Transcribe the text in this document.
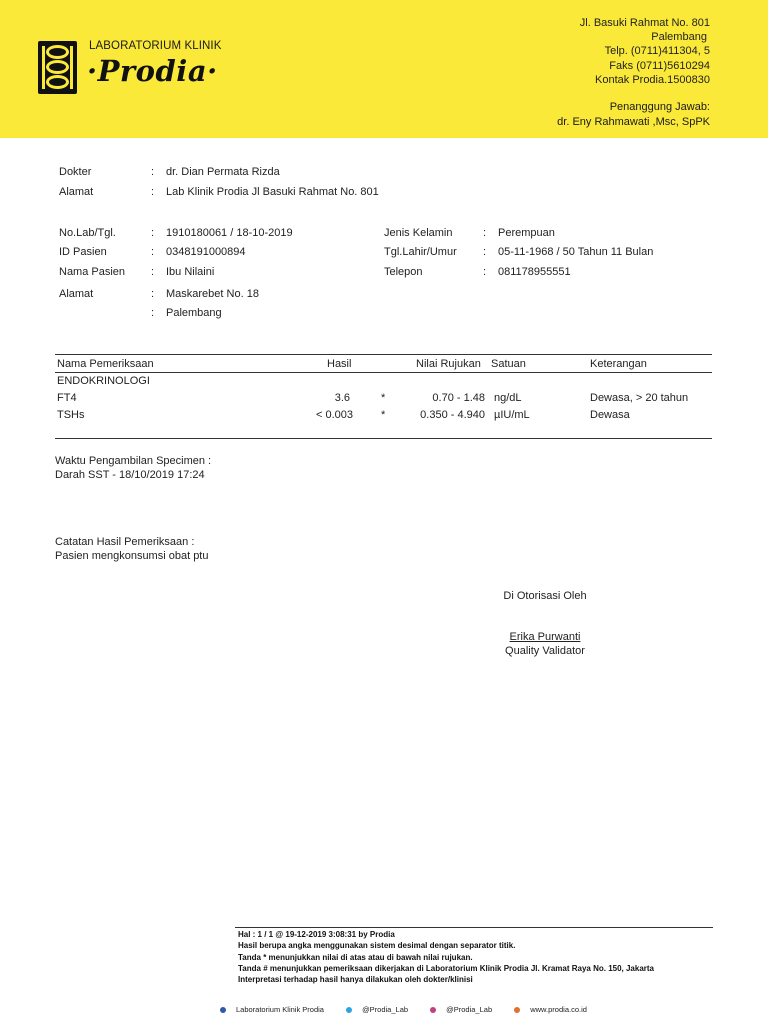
LABORATORIUM KLINIK
·Prodia·
Jl. Basuki Rahmat No. 801
Palembang
Telp. (0711)411304, 5
Faks (0711)5610294
Kontak Prodia.1500830
Penanggung Jawab:
dr. Eny Rahmawati ,Msc, SpPK
Dokter	: dr. Dian Permata Rizda
Alamat	: Lab Klinik Prodia Jl Basuki Rahmat No. 801
No.Lab/Tgl.	: 1910180061 / 18-10-2019
ID Pasien	: 0348191000894
Nama Pasien : Ibu Nilaini
Alamat	: Maskarebet No. 18
: Palembang
Jenis Kelamin	: Perempuan
Tgl.Lahir/Umur : 05-11-1968 / 50 Tahun 11 Bulan
Telepon	: 081178955551
Nama Pemeriksaan	Hasil	Nilai Rujukan Satuan	Keterangan
ENDOKRINOLOGI
FT4	3.6	*	0.70 - 1.48 ng/dL	Dewasa, > 20 tahun
TSHs	< 0.003	*	0.350 - 4.940 µIU/mL	Dewasa
Waktu Pengambilan Specimen :
Darah SST - 18/10/2019 17:24
Catatan Hasil Pemeriksaan :
Pasien mengkonsumsi obat ptu
Di Otorisasi Oleh
Erika Purwanti
Quality Validator
Hal : 1 / 1 @ 19-12-2019 3:08:31 by Prodia
Hasil berupa angka menggunakan sistem desimal dengan separator titik.
Tanda * menunjukkan nilai di atas atau di bawah nilai rujukan.
Tanda # menunjukkan pemeriksaan dikerjakan di Laboratorium Klinik Prodia Jl. Kramat Raya No. 150, Jakarta
Interpretasi terhadap hasil hanya dilakukan oleh dokter/klinisi
Laboratorium Klinik Prodia	@Prodia_Lab	@Prodia_Lab	www.prodia.co.id
